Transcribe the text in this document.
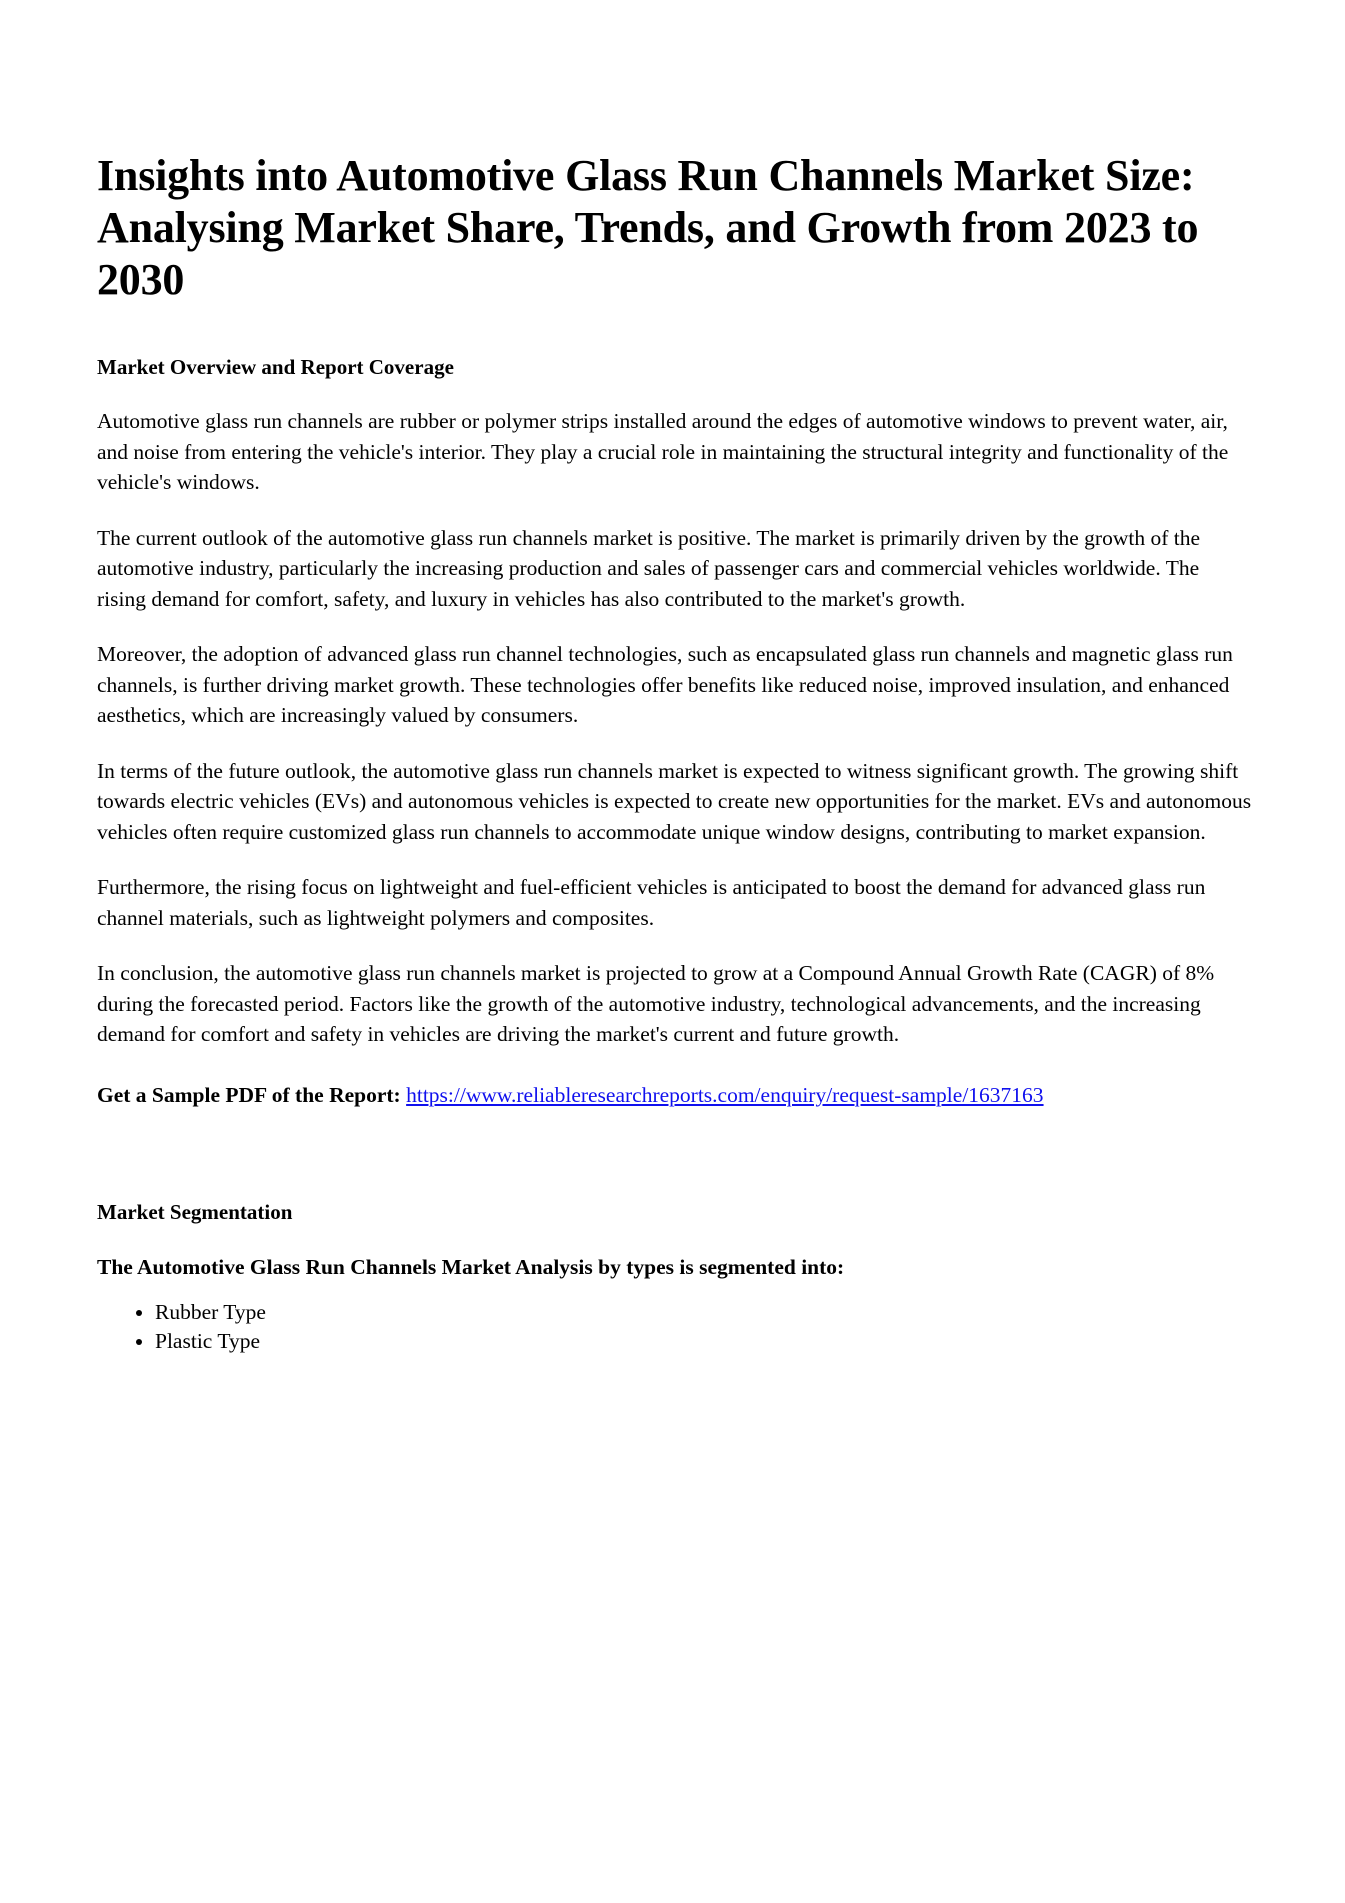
Insights into Automotive Glass Run Channels Market Size: Analysing Market Share, Trends, and Growth from 2023 to 2030
Market Overview and Report Coverage

Automotive glass run channels are rubber or polymer strips installed around the edges of automotive windows to prevent water, air, and noise from entering the vehicle's interior. They play a crucial role in maintaining the structural integrity and functionality of the vehicle's windows.

The current outlook of the automotive glass run channels market is positive. The market is primarily driven by the growth of the automotive industry, particularly the increasing production and sales of passenger cars and commercial vehicles worldwide. The rising demand for comfort, safety, and luxury in vehicles has also contributed to the market's growth.

Moreover, the adoption of advanced glass run channel technologies, such as encapsulated glass run channels and magnetic glass run channels, is further driving market growth. These technologies offer benefits like reduced noise, improved insulation, and enhanced aesthetics, which are increasingly valued by consumers.

In terms of the future outlook, the automotive glass run channels market is expected to witness significant growth. The growing shift towards electric vehicles (EVs) and autonomous vehicles is expected to create new opportunities for the market. EVs and autonomous vehicles often require customized glass run channels to accommodate unique window designs, contributing to market expansion.

Furthermore, the rising focus on lightweight and fuel-efficient vehicles is anticipated to boost the demand for advanced glass run channel materials, such as lightweight polymers and composites.

In conclusion, the automotive glass run channels market is projected to grow at a Compound Annual Growth Rate (CAGR) of 8% during the forecasted period. Factors like the growth of the automotive industry, technological advancements, and the increasing demand for comfort and safety in vehicles are driving the market's current and future growth.

Get a Sample PDF of the Report: https://www.reliableresearchreports.com/enquiry/request-sample/1637163

Market Segmentation
The Automotive Glass Run Channels Market Analysis by types is segmented into:
• Rubber Type
• Plastic Type
